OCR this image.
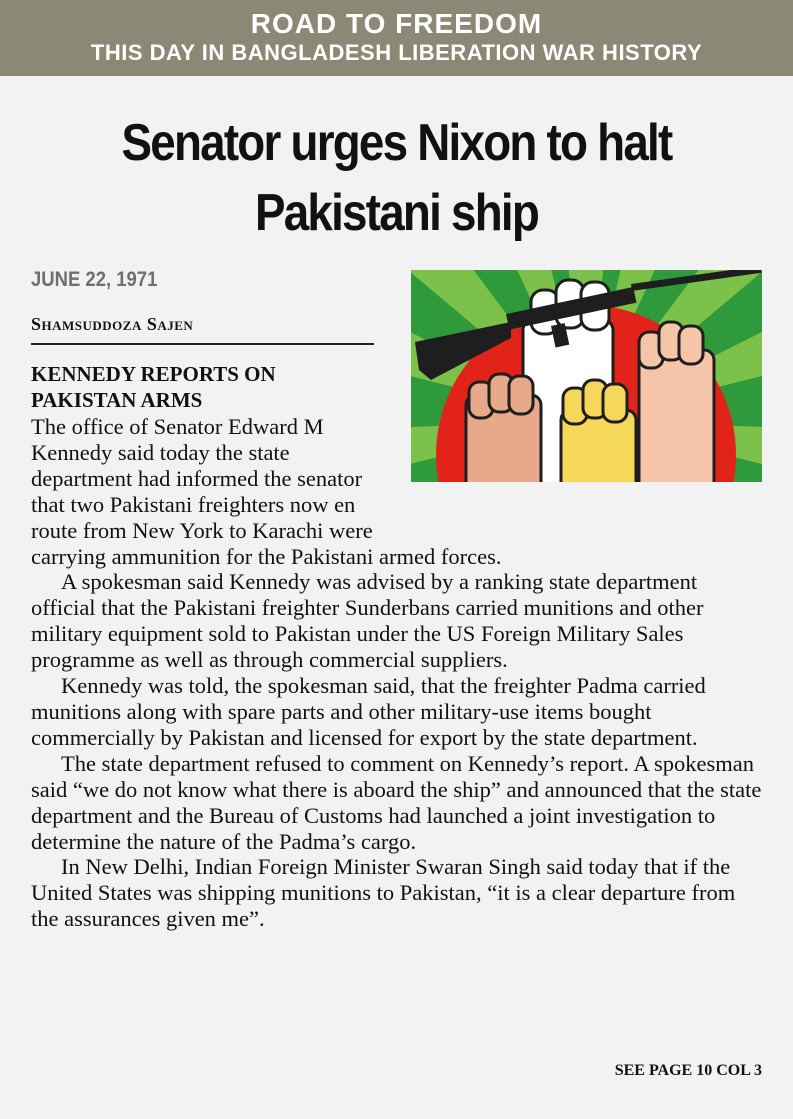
ROAD TO FREEDOM
THIS DAY IN BANGLADESH LIBERATION WAR HISTORY
Senator urges Nixon to halt
Pakistani ship
JUNE 22, 1971
Shamsuddoza Sajen
KENNEDY REPORTS ON PAKISTAN ARMS

The office of Senator Edward M Kennedy said today the state department had informed the senator that two Pakistani freighters now en route from New York to Karachi were carrying ammunition for the Pakistani armed forces.

A spokesman said Kennedy was advised by a ranking state department official that the Pakistani freighter Sunderbans carried munitions and other military equipment sold to Pakistan under the US Foreign Military Sales programme as well as through commercial suppliers.

Kennedy was told, the spokesman said, that the freighter Padma carried munitions along with spare parts and other military-use items bought commercially by Pakistan and licensed for export by the state department.

The state department refused to comment on Kennedy’s report. A spokesman said “we do not know what there is aboard the ship” and announced that the state department and the Bureau of Customs had launched a joint investigation to determine the nature of the Padma’s cargo.

In New Delhi, Indian Foreign Minister Swaran Singh said today that if the United States was shipping munitions to Pakistan, “it is a clear departure from the assurances given me”.

SEE PAGE 10 COL 3
